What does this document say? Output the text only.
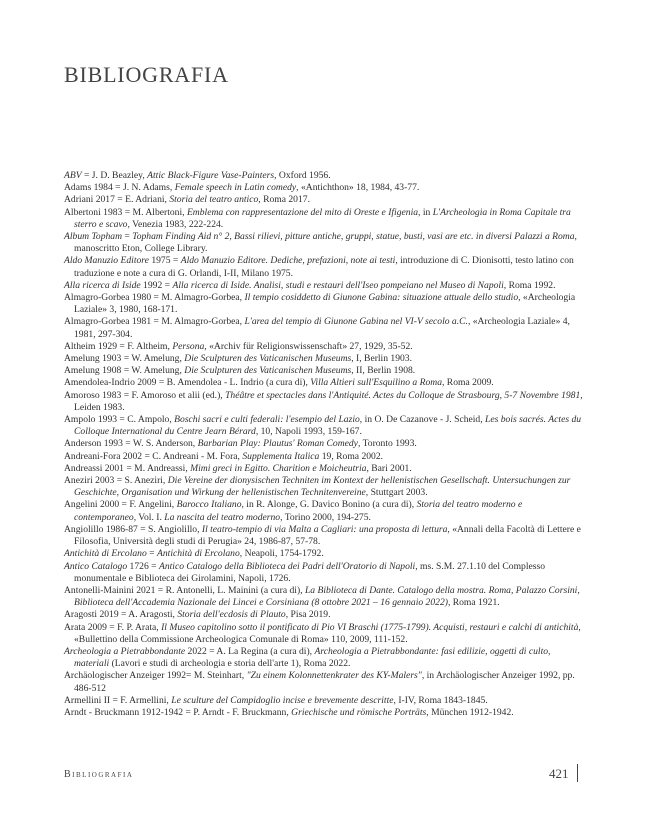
BIBLIOGRAFIA

ABV = J. D. Beazley, Attic Black-Figure Vase-Painters, Oxford 1956.

Adams 1984 = J. N. Adams, Female speech in Latin comedy, «Antichthon» 18, 1984, 43-77.

Adriani 2017 = E. Adriani, Storia del teatro antico, Roma 2017.

Albertoni 1983 = M. Albertoni, Emblema con rappresentazione del mito di Oreste e Ifigenia, in L'Archeologia in Roma Capitale tra sterro e scavo, Venezia 1983, 222-224.

Album Topham = Topham Finding Aid n° 2, Bassi rilievi, pitture antiche, gruppi, statue, busti, vasi are etc. in diversi Palazzi a Roma, manoscritto Eton, College Library.

Aldo Manuzio Editore 1975 = Aldo Manuzio Editore. Dediche, prefazioni, note ai testi, introduzione di C. Dionisotti, testo latino con traduzione e note a cura di G. Orlandi, I-II, Milano 1975.

Alla ricerca di Iside 1992 = Alla ricerca di Iside. Analisi, studi e restauri dell'Iseo pompeiano nel Museo di Napoli, Roma 1992.

Almagro-Gorbea 1980 = M. Almagro-Gorbea, Il tempio cosiddetto di Giunone Gabina: situazione attuale dello studio, «Archeologia Laziale» 3, 1980, 168-171.

Almagro-Gorbea 1981 = M. Almagro-Gorbea, L'area del tempio di Giunone Gabina nel VI-V secolo a.C., «Archeologia Laziale» 4, 1981, 297-304.

Altheim 1929 = F. Altheim, Persona, «Archiv für Religionswissenschaft» 27, 1929, 35-52.

Amelung 1903 = W. Amelung, Die Sculpturen des Vaticanischen Museums, I, Berlin 1903.

Amelung 1908 = W. Amelung, Die Sculpturen des Vaticanischen Museums, II, Berlin 1908.

Amendolea-Indrio 2009 = B. Amendolea - L. Indrio (a cura di), Villa Altieri sull'Esquilino a Roma, Roma 2009.

Amoroso 1983 = F. Amoroso et alii (ed.), Théâtre et spectacles dans l'Antiquité. Actes du Colloque de Strasbourg, 5-7 Novembre 1981, Leiden 1983.

Ampolo 1993 = C. Ampolo, Boschi sacri e culti federali: l'esempio del Lazio, in O. De Cazanove - J. Scheid, Les bois sacrés. Actes du Colloque International du Centre Jearn Bérard, 10, Napoli 1993, 159-167.

Anderson 1993 = W. S. Anderson, Barbarian Play: Plautus' Roman Comedy, Toronto 1993.

Andreani-Fora 2002 = C. Andreani - M. Fora, Supplementa Italica 19, Roma 2002.

Andreassi 2001 = M. Andreassi, Mimi greci in Egitto. Charition e Moicheutria, Bari 2001.

Aneziri 2003 = S. Aneziri, Die Vereine der dionysischen Techniten im Kontext der hellenistischen Gesellschaft. Untersuchungen zur Geschichte, Organisation und Wirkung der hellenistischen Technitenvereine, Stuttgart 2003.

Angelini 2000 = F. Angelini, Barocco Italiano, in R. Alonge, G. Davico Bonino (a cura di), Storia del teatro moderno e contemporaneo, Vol. I. La nascita del teatro moderno, Torino 2000, 194-275.

Angiolillo 1986-87 = S. Angiolillo, Il teatro-tempio di via Malta a Cagliari: una proposta di lettura, «Annali della Facoltà di Lettere e Filosofia, Università degli studi di Perugia» 24, 1986-87, 57-78.

Antichità di Ercolano = Antichità di Ercolano, Neapoli, 1754-1792.

Antico Catalogo 1726 = Antico Catalogo della Biblioteca dei Padri dell'Oratorio di Napoli, ms. S.M. 27.1.10 del Complesso monumentale e Biblioteca dei Girolamini, Napoli, 1726.

Antonelli-Mainini 2021 = R. Antonelli, L. Mainini (a cura di), La Biblioteca di Dante. Catalogo della mostra. Roma, Palazzo Corsini, Biblioteca dell'Accademia Nazionale dei Lincei e Corsiniana (8 ottobre 2021 – 16 gennaio 2022), Roma 1921.

Aragosti 2019 = A. Aragosti, Storia dell'ecdosis di Plauto, Pisa 2019.

Arata 2009 = F. P. Arata, Il Museo capitolino sotto il pontificato di Pio VI Braschi (1775-1799). Acquisti, restauri e calchi di antichità, «Bullettino della Commissione Archeologica Comunale di Roma» 110, 2009, 111-152.

Archeologia a Pietrabbondante 2022 = A. La Regina (a cura di), Archeologia a Pietrabbondante: fasi edilizie, oggetti di culto, materiali (Lavori e studi di archeologia e storia dell'arte 1), Roma 2022.

Archäologischer Anzeiger 1992= M. Steinhart, "Zu einem Kolonnettenkrater des KY-Malers", in Archäologischer Anzeiger 1992, pp. 486-512

Armellini II = F. Armellini, Le sculture del Campidoglio incise e brevemente descritte, I-IV, Roma 1843-1845.

Arndt - Bruckmann 1912-1942 = P. Arndt - F. Bruckmann, Griechische und römische Porträts, München 1912-1942.

Bibliografia	421
